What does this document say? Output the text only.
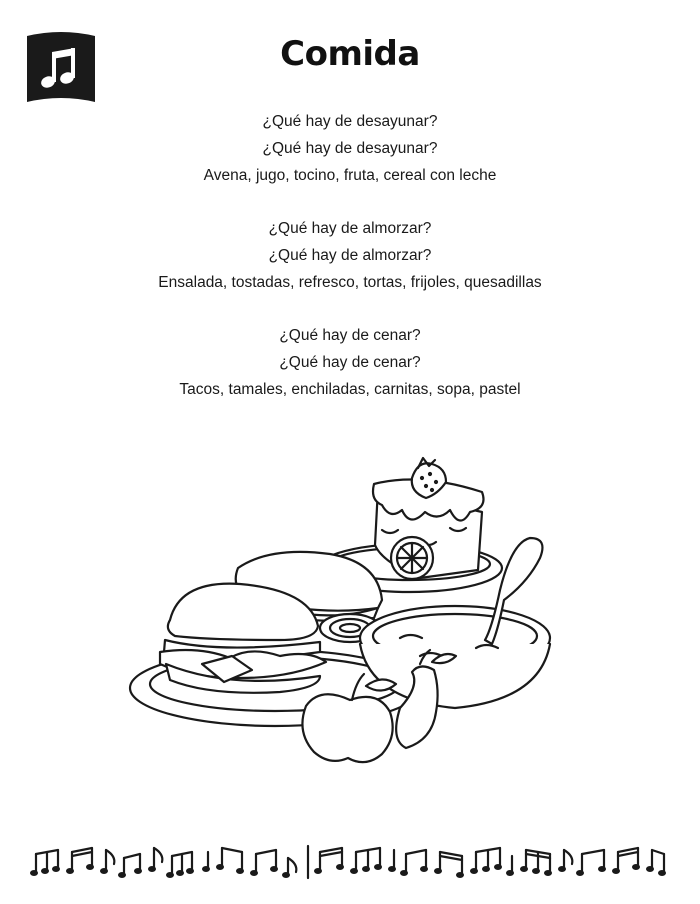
Comida
¿Qué hay de desayunar?
¿Qué hay de desayunar?
Avena, jugo, tocino, fruta, cereal con leche
¿Qué hay de almorzar?
¿Qué hay de almorzar?
Ensalada, tostadas, refresco, tortas, frijoles, quesadillas
¿Qué hay de cenar?
¿Qué hay de cenar?
Tacos, tamales, enchiladas, carnitas, sopa, pastel
